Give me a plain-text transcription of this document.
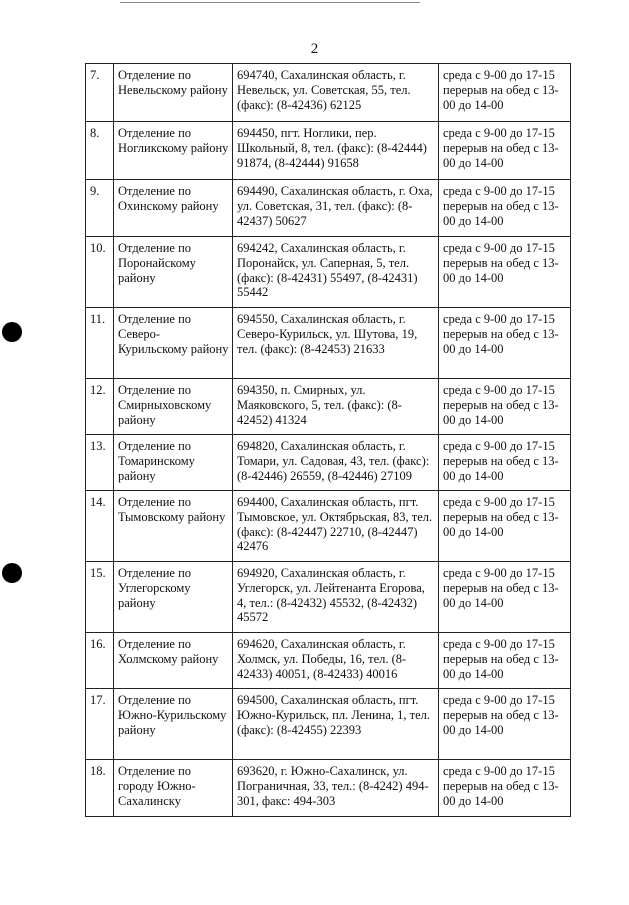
2
7.	Отделение по Невельскому району	694740, Сахалинская область, г. Невельск, ул. Советская, 55, тел. (факс): (8-42436) 62125	среда с 9-00 до 17-15 перерыв на обед с 13-00 до 14-00
8.	Отделение по Ногликскому району	694450, пгт. Ноглики, пер. Школьный, 8, тел. (факс): (8-42444) 91874, (8-42444) 91658	среда с 9-00 до 17-15 перерыв на обед с 13-00 до 14-00
9.	Отделение по Охинскому району	694490, Сахалинская область, г. Оха, ул. Советская, 31, тел. (факс): (8-42437) 50627	среда с 9-00 до 17-15 перерыв на обед с 13-00 до 14-00
10.	Отделение по Поронайскому району	694242, Сахалинская область, г. Поронайск, ул. Саперная, 5, тел. (факс): (8-42431) 55497, (8-42431) 55442	среда с 9-00 до 17-15 перерыв на обед с 13-00 до 14-00
11.	Отделение по Северо-Курильскому району	694550, Сахалинская область, г. Северо-Курильск, ул. Шутова, 19, тел. (факс): (8-42453) 21633	среда с 9-00 до 17-15 перерыв на обед с 13-00 до 14-00
12.	Отделение по Смирныховскому району	694350, п. Смирных, ул. Маяковского, 5, тел. (факс): (8-42452) 41324	среда с 9-00 до 17-15 перерыв на обед с 13-00 до 14-00
13.	Отделение по Томаринскому району	694820, Сахалинская область, г. Томари, ул. Садовая, 43, тел. (факс): (8-42446) 26559, (8-42446) 27109	среда с 9-00 до 17-15 перерыв на обед с 13-00 до 14-00
14.	Отделение по Тымовскому району	694400, Сахалинская область, пгт. Тымовское, ул. Октябрьская, 83, тел. (факс): (8-42447) 22710, (8-42447) 42476	среда с 9-00 до 17-15 перерыв на обед с 13-00 до 14-00
15.	Отделение по Углегорскому району	694920, Сахалинская область, г. Углегорск, ул. Лейтенанта Егорова, 4, тел.: (8-42432) 45532, (8-42432) 45572	среда с 9-00 до 17-15 перерыв на обед с 13-00 до 14-00
16.	Отделение по Холмскому району	694620, Сахалинская область, г. Холмск, ул. Победы, 16, тел. (8-42433) 40051, (8-42433) 40016	среда с 9-00 до 17-15 перерыв на обед с 13-00 до 14-00
17.	Отделение по Южно-Курильскому району	694500, Сахалинская область, пгт. Южно-Курильск, пл. Ленина, 1, тел. (факс): (8-42455) 22393	среда с 9-00 до 17-15 перерыв на обед с 13-00 до 14-00
18.	Отделение по городу Южно-Сахалинску	693620, г. Южно-Сахалинск, ул. Пограничная, 33, тел.: (8-4242) 494-301, факс: 494-303	среда с 9-00 до 17-15 перерыв на обед с 13-00 до 14-00
